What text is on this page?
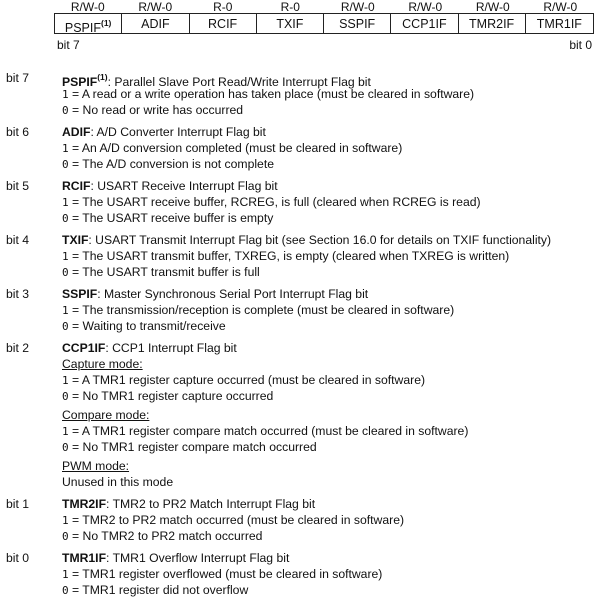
R/W-0	R/W-0	R-0	R-0	R/W-0	R/W-0	R/W-0	R/W-0
PSPIF$^{(1)}$	ADIF	RCIF	TXIF	SSPIF	CCP1IF	TMR2IF	TMR1IF
bit 7	bit 0
bit 7	PSPIF$^{(1)}$: Parallel Slave Port Read/Write Interrupt Flag bit
1 = A read or a write operation has taken place (must be cleared in software)
0 = No read or write has occurred
bit 6	ADIF: A/D Converter Interrupt Flag bit
1 = An A/D conversion completed (must be cleared in software)
0 = The A/D conversion is not complete
bit 5	RCIF: USART Receive Interrupt Flag bit
1 = The USART receive buffer, RCREG, is full (cleared when RCREG is read)
0 = The USART receive buffer is empty
bit 4	TXIF: USART Transmit Interrupt Flag bit (see Section 16.0 for details on TXIF functionality)
1 = The USART transmit buffer, TXREG, is empty (cleared when TXREG is written)
0 = The USART transmit buffer is full
bit 3	SSPIF: Master Synchronous Serial Port Interrupt Flag bit
1 = The transmission/reception is complete (must be cleared in software)
0 = Waiting to transmit/receive
bit 2	CCP1IF: CCP1 Interrupt Flag bit
Capture mode:
1 = A TMR1 register capture occurred (must be cleared in software)
0 = No TMR1 register capture occurred
Compare mode:
1 = A TMR1 register compare match occurred (must be cleared in software)
0 = No TMR1 register compare match occurred
PWM mode:
Unused in this mode
bit 1	TMR2IF: TMR2 to PR2 Match Interrupt Flag bit
1 = TMR2 to PR2 match occurred (must be cleared in software)
0 = No TMR2 to PR2 match occurred
bit 0	TMR1IF: TMR1 Overflow Interrupt Flag bit
1 = TMR1 register overflowed (must be cleared in software)
0 = TMR1 register did not overflow
